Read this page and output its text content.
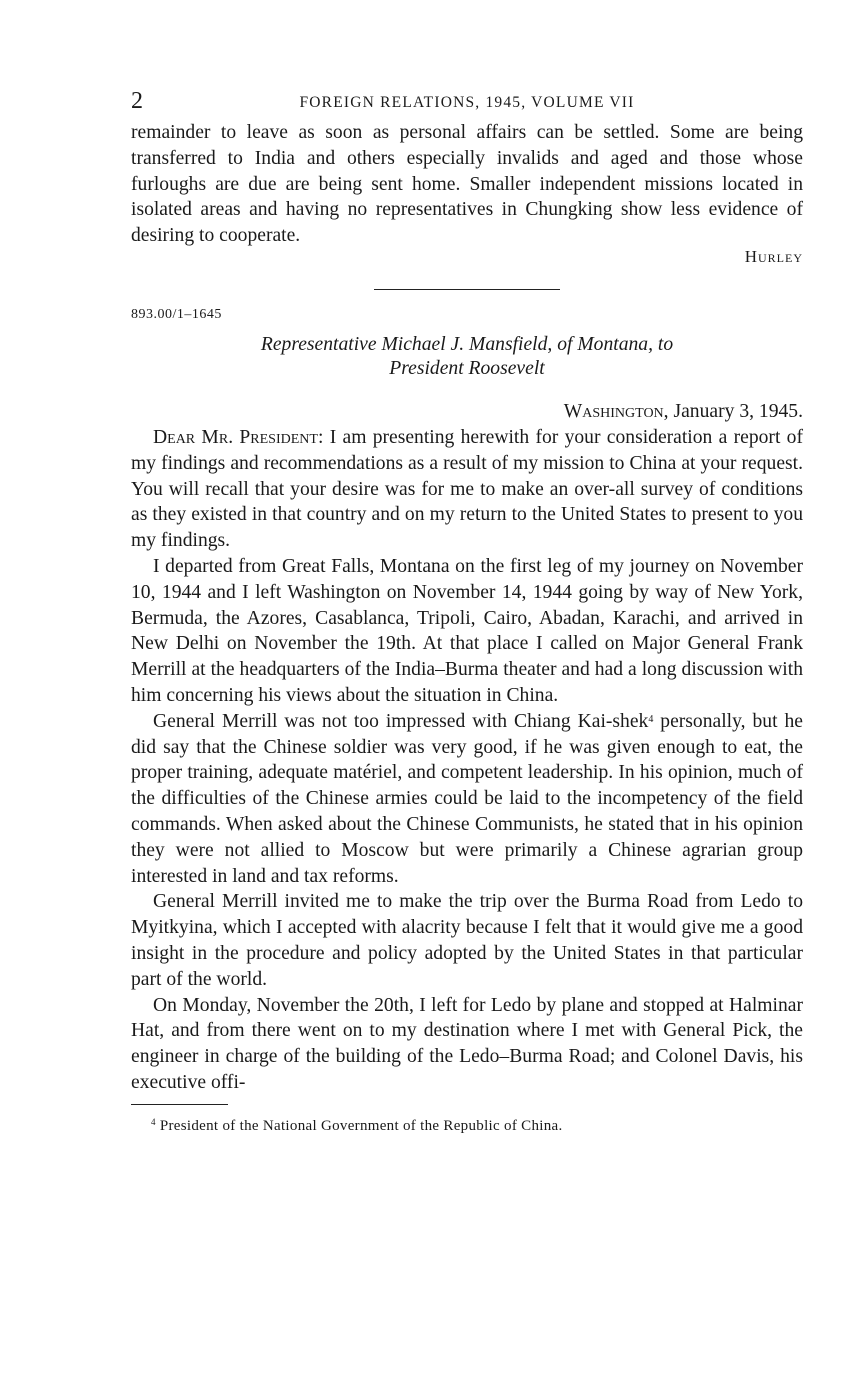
2	FOREIGN RELATIONS, 1945, VOLUME VII

remainder to leave as soon as personal affairs can be settled. Some are being transferred to India and others especially invalids and aged and those whose furloughs are due are being sent home. Smaller independent missions located in isolated areas and having no representatives in Chungking show less evidence of desiring to cooperate.

Hurley
893.00/1–1645
Representative Michael J. Mansfield, of Montana, to
President Roosevelt
Washington, January 3, 1945.

Dear Mr. President: I am presenting herewith for your consideration a report of my findings and recommendations as a result of my mission to China at your request. You will recall that your desire was for me to make an over-all survey of conditions as they existed in that country and on my return to the United States to present to you my findings.

I departed from Great Falls, Montana on the first leg of my journey on November 10, 1944 and I left Washington on November 14, 1944 going by way of New York, Bermuda, the Azores, Casablanca, Tripoli, Cairo, Abadan, Karachi, and arrived in New Delhi on November the 19th. At that place I called on Major General Frank Merrill at the headquarters of the India–Burma theater and had a long discussion with him concerning his views about the situation in China.

General Merrill was not too impressed with Chiang Kai-shek$^4$ personally, but he did say that the Chinese soldier was very good, if he was given enough to eat, the proper training, adequate matériel, and competent leadership. In his opinion, much of the difficulties of the Chinese armies could be laid to the incompetency of the field commands. When asked about the Chinese Communists, he stated that in his opinion they were not allied to Moscow but were primarily a Chinese agrarian group interested in land and tax reforms.

General Merrill invited me to make the trip over the Burma Road from Ledo to Myitkyina, which I accepted with alacrity because I felt that it would give me a good insight in the procedure and policy adopted by the United States in that particular part of the world.

On Monday, November the 20th, I left for Ledo by plane and stopped at Halminar Hat, and from there went on to my destination where I met with General Pick, the engineer in charge of the building of the Ledo–Burma Road; and Colonel Davis, his executive offi-

$^4$ President of the National Government of the Republic of China.
